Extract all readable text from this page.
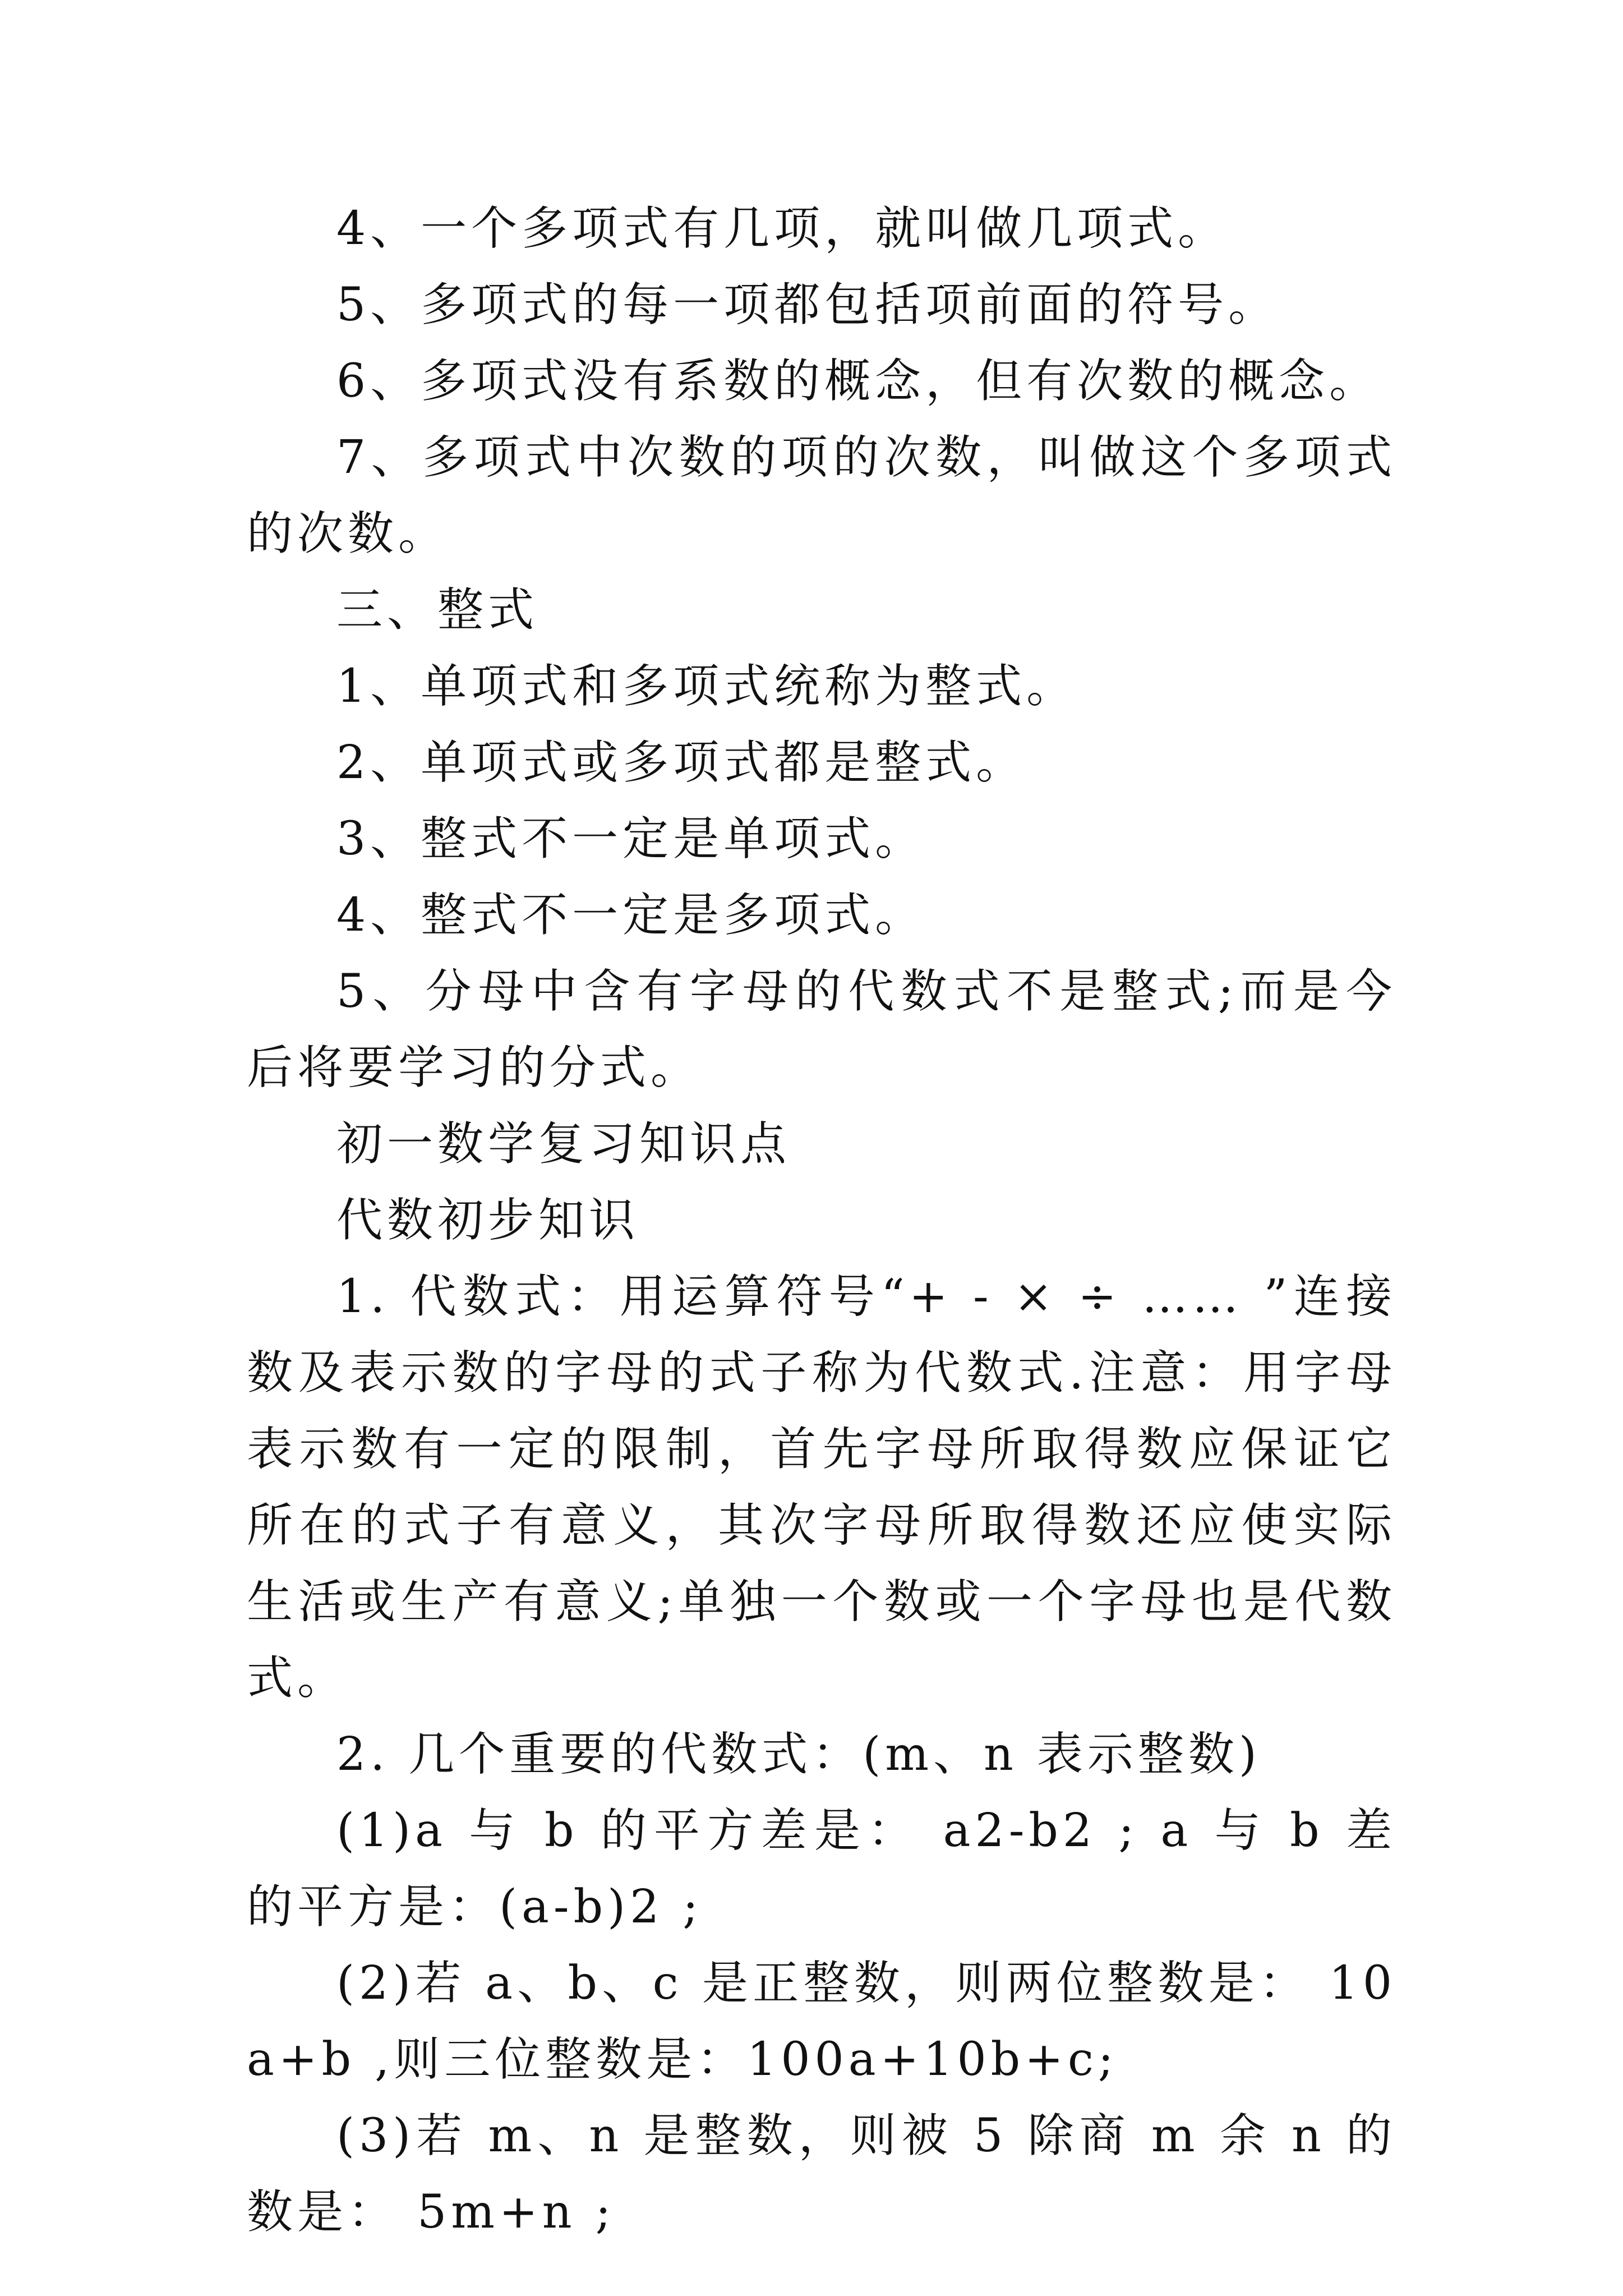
4、一个多项式有几项，就叫做几项式。

5、多项式的每一项都包括项前面的符号。

6、多项式没有系数的概念，但有次数的概念。

7、多项式中次数的项的次数，叫做这个多项式的次数。

三、整式

1、单项式和多项式统称为整式。

2、单项式或多项式都是整式。

3、整式不一定是单项式。

4、整式不一定是多项式。

5、分母中含有字母的代数式不是整式;而是今后将要学习的分式。

初一数学复习知识点

代数初步知识

1. 代数式：用运算符号“+ - × ÷ …… ”连接数及表示数的字母的式子称为代数式.注意：用字母表示数有一定的限制，首先字母所取得数应保证它所在的式子有意义，其次字母所取得数还应使实际生活或生产有意义;单独一个数或一个字母也是代数式。

2. 几个重要的代数式：(m、n 表示整数)

(1)a 与 b 的平方差是： a2-b2 ; a 与 b 差的平方是：(a-b)2 ;

(2)若 a、b、c 是正整数，则两位整数是： 10a+b ,则三位整数是：100a+10b+c;

(3)若 m、n 是整数，则被 5 除商 m 余 n 的数是： 5m+n ;
